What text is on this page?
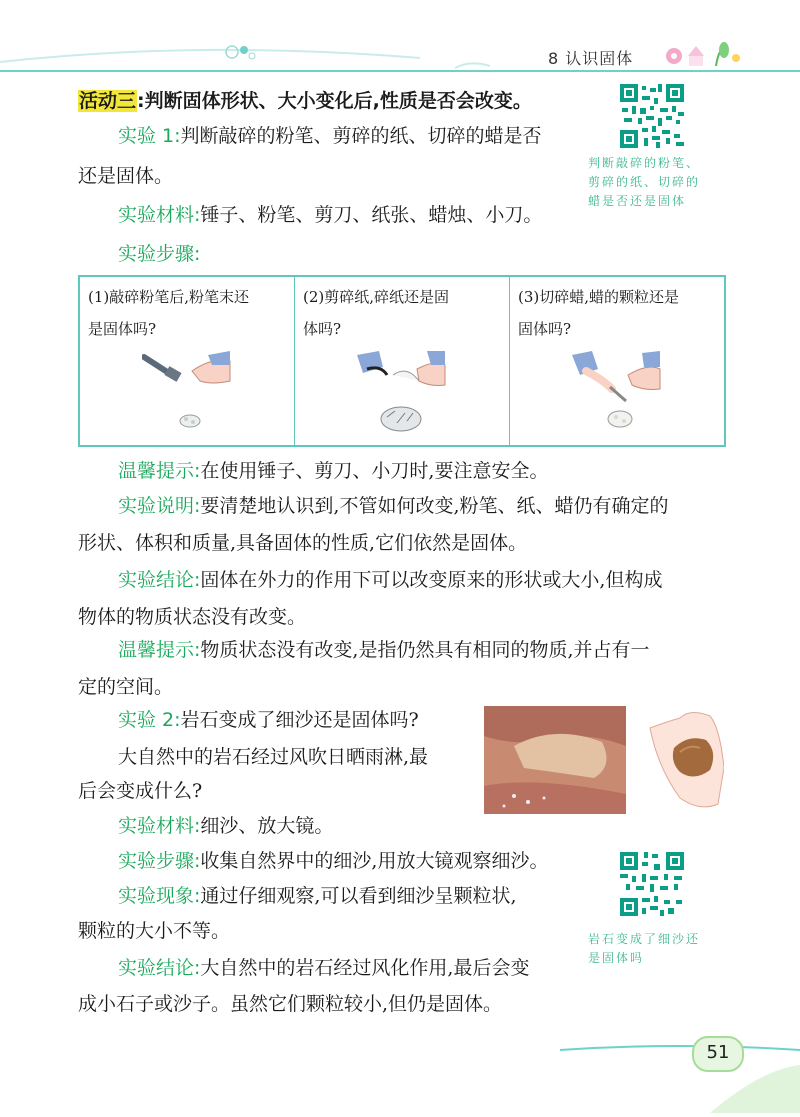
8 认识固体
活动三:判断固体形状、大小变化后,性质是否会改变。
判断敲碎的粉笔、
剪碎的纸、切碎的
蜡是否还是固体
实验 1:判断敲碎的粉笔、剪碎的纸、切碎的蜡是否
还是固体。
实验材料:锤子、粉笔、剪刀、纸张、蜡烛、小刀。
实验步骤:
(1)敲碎粉笔后,粉笔末还
是固体吗?
(2)剪碎纸,碎纸还是固
体吗?
(3)切碎蜡,蜡的颗粒还是
固体吗?
温馨提示:在使用锤子、剪刀、小刀时,要注意安全。
实验说明:要清楚地认识到,不管如何改变,粉笔、纸、蜡仍有确定的
形状、体积和质量,具备固体的性质,它们依然是固体。
实验结论:固体在外力的作用下可以改变原来的形状或大小,但构成
物体的物质状态没有改变。
温馨提示:物质状态没有改变,是指仍然具有相同的物质,并占有一
定的空间。
实验 2:岩石变成了细沙还是固体吗?
大自然中的岩石经过风吹日晒雨淋,最
后会变成什么?
实验材料:细沙、放大镜。
实验步骤:收集自然界中的细沙,用放大镜观察细沙。
实验现象:通过仔细观察,可以看到细沙呈颗粒状,
颗粒的大小不等。
实验结论:大自然中的岩石经过风化作用,最后会变
成小石子或沙子。虽然它们颗粒较小,但仍是固体。
岩石变成了细沙还
是固体吗
51
